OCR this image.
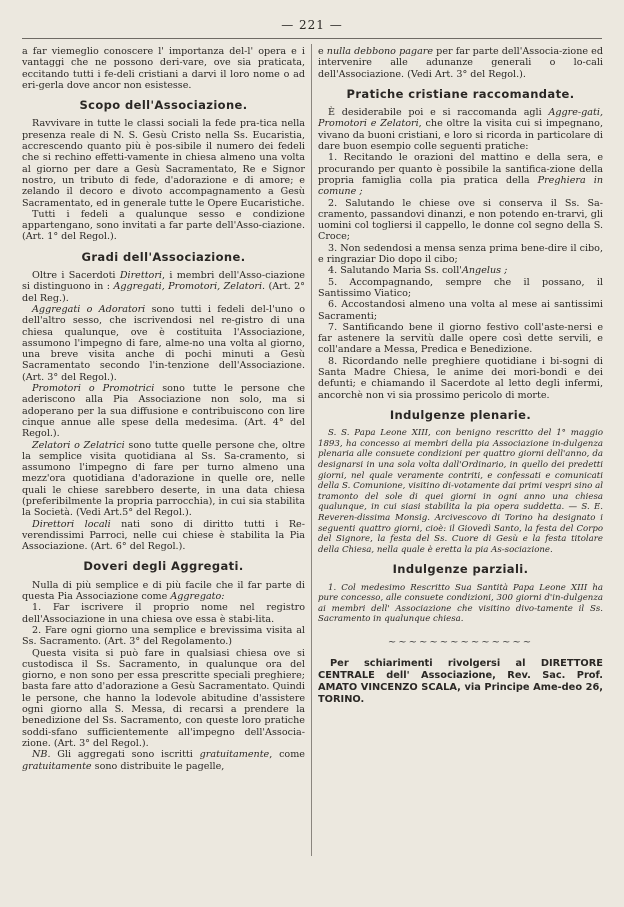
— 221 —

a far viemeglio conoscere l' importanza del-l' opera e i vantaggi che ne possono deri-vare, ove sia praticata, eccitando tutti i fe-deli cristiani a darvi il loro nome o ad eri-gerla dove ancor non esistesse.

Scopo dell'Associazione.

Ravvivare in tutte le classi sociali la fede pra-tica nella presenza reale di N. S. Gesù Cristo nella Ss. Eucaristia, accrescendo quanto più è pos-sibile il numero dei fedeli che si rechino effetti-vamente in chiesa almeno una volta al giorno per dare a Gesù Sacramentato, Re e Signor nostro, un tributo di fede, d'adorazione e di amore; e zelando il decoro e divoto accompagnamento a Gesù Sacramentato, ed in generale tutte le Opere Eucaristiche.

Tutti i fedeli a qualunque sesso e condizione appartengano, sono invitati a far parte dell'Asso-ciazione. (Art. 1° del Regol.).

Gradi dell'Associazione.

Oltre i Sacerdoti Direttori, i membri dell'Asso-ciazione si distinguono in : Aggregati, Promotori, Zelatori. (Art. 2° del Reg.).

Aggregati o Adoratori sono tutti i fedeli del-l'uno o dell'altro sesso, che iscrivendosi nel re-gistro di una chiesa qualunque, ove è costituita l'Associazione, assumono l'impegno di fare, alme-no una volta al giorno, una breve visita anche di pochi minuti a Gesù Sacramentato secondo l'in-tenzione dell'Associazione. (Art. 3° del Regol.).

Promotori o Promotrici sono tutte le persone che aderiscono alla Pia Associazione non solo, ma si adoperano per la sua diffusione e contribuiscono con lire cinque annue alle spese della medesima. (Art. 4° del Regol.).

Zelatori o Zelatrici sono tutte quelle persone che, oltre la semplice visita quotidiana al Ss. Sa-cramento, si assumono l'impegno di fare per turno almeno una mezz'ora quotidiana d'adorazione in quelle ore, nelle quali le chiese sarebbero deserte, in una data chiesa (preferibilmente la propria parrocchia), in cui sia stabilita la Società. (Vedi Art.5° del Regol.).

Direttori locali nati sono di diritto tutti i Re-verendissimi Parroci, nelle cui chiese è stabilita la Pia Associazione. (Art. 6° del Regol.).

Doveri degli Aggregati.

Nulla di più semplice e di più facile che il far parte di questa Pia Associazione come Aggregato:

1. Far iscrivere il proprio nome nel registro dell'Associazione in una chiesa ove essa è stabi-lita.

2. Fare ogni giorno una semplice e brevissima visita al Ss. Sacramento. (Art. 3° del Regolamento.)

Questa visita si può fare in qualsiasi chiesa ove si custodisca il Ss. Sacramento, in qualunque ora del giorno, e non sono per essa prescritte speciali preghiere; basta fare atto d'adorazione a Gesù Sacramentato. Quindi le persone, che hanno la lodevole abitudine d'assistere ogni giorno alla S. Messa, di recarsi a prendere la benedizione del Ss. Sacramento, con queste loro pratiche soddi-sfano sufficientemente all'impegno dell'Associa-zione. (Art. 3° del Regol.).

NB. Gli aggregati sono iscritti gratuitamente, come gratuitamente sono distribuite le pagelle,

e nulla debbono pagare per far parte dell'Associa-zione ed intervenire alle adunanze generali o lo-cali dell'Associazione. (Vedi Art. 3° del Regol.).

Pratiche cristiane raccomandate.

È desiderabile poi e si raccomanda agli Aggre-gati, Promotori e Zelatori, che oltre la visita cui si impegnano, vivano da buoni cristiani, e loro si ricorda in particolare di dare buon esempio colle seguenti pratiche:

1. Recitando le orazioni del mattino e della sera, e procurando per quanto è possibile la santifica-zione della propria famiglia colla pia pratica della Preghiera in comune ;

2. Salutando le chiese ove si conserva il Ss. Sa-cramento, passandovi dinanzi, e non potendo en-trarvi, gli uomini col togliersi il cappello, le donne col segno della S. Croce;

3. Non sedendosi a mensa senza prima bene-dire il cibo, e ringraziar Dio dopo il cibo;

4. Salutando Maria Ss. coll'Angelus ;

5. Accompagnando, sempre che il possano, il Santissimo Viatico;

6. Accostandosi almeno una volta al mese ai santissimi Sacramenti;

7. Santificando bene il giorno festivo coll'aste-nersi e far astenere la servitù dalle opere così dette servili, e coll'andare a Messa, Predica e Benedizione.

8. Ricordando nelle preghiere quotidiane i bi-sogni di Santa Madre Chiesa, le anime dei mori-bondi e dei defunti; e chiamando il Sacerdote al letto degli infermi, ancorchè non vi sia prossimo pericolo di morte.

Indulgenze plenarie.

S. S. Papa Leone XIII, con benigno rescritto del 1° maggio 1893, ha concesso ai membri della pia Associazione in-dulgenza plenaria alle consuete condizioni per quattro giorni dell'anno, da designarsi in una sola volta dall'Ordinario, in quello dei predetti giorni, nel quale veramente contriti, e confessati e comunicati della S. Comunione, visitino di-votamente dai primi vespri sino al tramonto del sole di quei giorni in ogni anno una chiesa qualunque, in cui siasi stabilita la pia opera suddetta. — S. E. Reveren-dissima Monsig. Arcivescovo di Torino ha designato i seguenti quattro giorni, cioè: il Giovedì Santo, la festa del Corpo del Signore, la festa del Ss. Cuore di Gesù e la festa titolare della Chiesa, nella quale è eretta la pia As-sociazione.

Indulgenze parziali.

1. Col medesimo Rescritto Sua Santità Papa Leone XIII ha pure concesso, alle consuete condizioni, 300 giorni d'in-dulgenza ai membri dell' Associazione che visitino divo-tamente il Ss. Sacramento in qualunque chiesa.

~~~~~~~~~~~~~~

Per schiarimenti rivolgersi al DIRETTORE CENTRALE dell' Associazione, Rev. Sac. Prof. AMATO VINCENZO SCALA, via Principe Ame-deo 26, TORINO.
